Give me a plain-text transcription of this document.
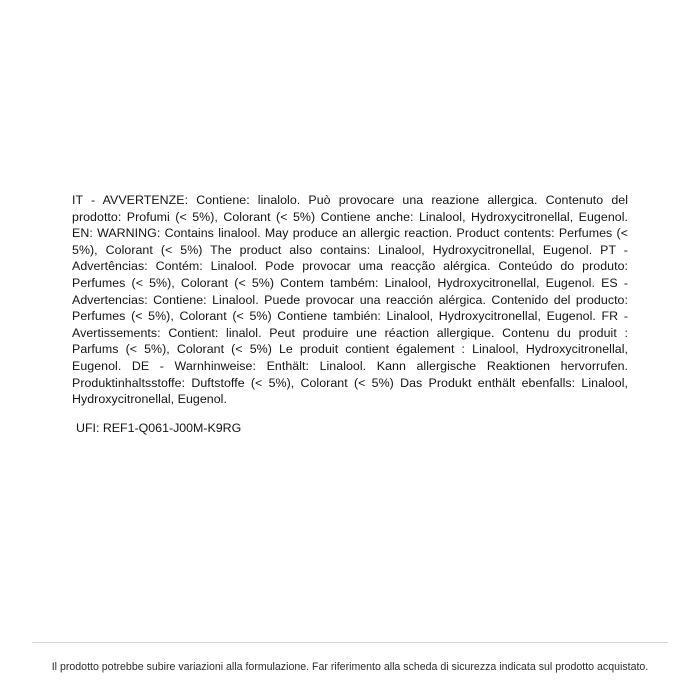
IT - AVVERTENZE: Contiene: linalolo. Può provocare una reazione allergica. Contenuto del prodotto: Profumi (< 5%), Colorant (< 5%) Contiene anche: Linalool, Hydroxycitronellal, Eugenol. EN: WARNING: Contains linalool. May produce an allergic reaction. Product contents: Perfumes (< 5%), Colorant (< 5%) The product also contains: Linalool, Hydroxycitronellal, Eugenol. PT - Advertências: Contém: Linalool. Pode provocar uma reacção alérgica. Conteúdo do produto: Perfumes (< 5%), Colorant (< 5%) Contem também: Linalool, Hydroxycitronellal, Eugenol. ES - Advertencias: Contiene: Linalool. Puede provocar una reacción alérgica. Contenido del producto: Perfumes (< 5%), Colorant (< 5%) Contiene también: Linalool, Hydroxycitronellal, Eugenol. FR - Avertissements: Contient: linalol. Peut produire une réaction allergique. Contenu du produit : Parfums (< 5%), Colorant (< 5%) Le produit contient également : Linalool, Hydroxycitronellal, Eugenol. DE - Warnhinweise: Enthält: Linalool. Kann allergische Reaktionen hervorrufen. Produktinhaltsstoffe: Duftstoffe (< 5%), Colorant (< 5%) Das Produkt enthält ebenfalls: Linalool, Hydroxycitronellal, Eugenol.

UFI: REF1-Q061-J00M-K9RG
Il prodotto potrebbe subire variazioni alla formulazione. Far riferimento alla scheda di sicurezza indicata sul prodotto acquistato.
